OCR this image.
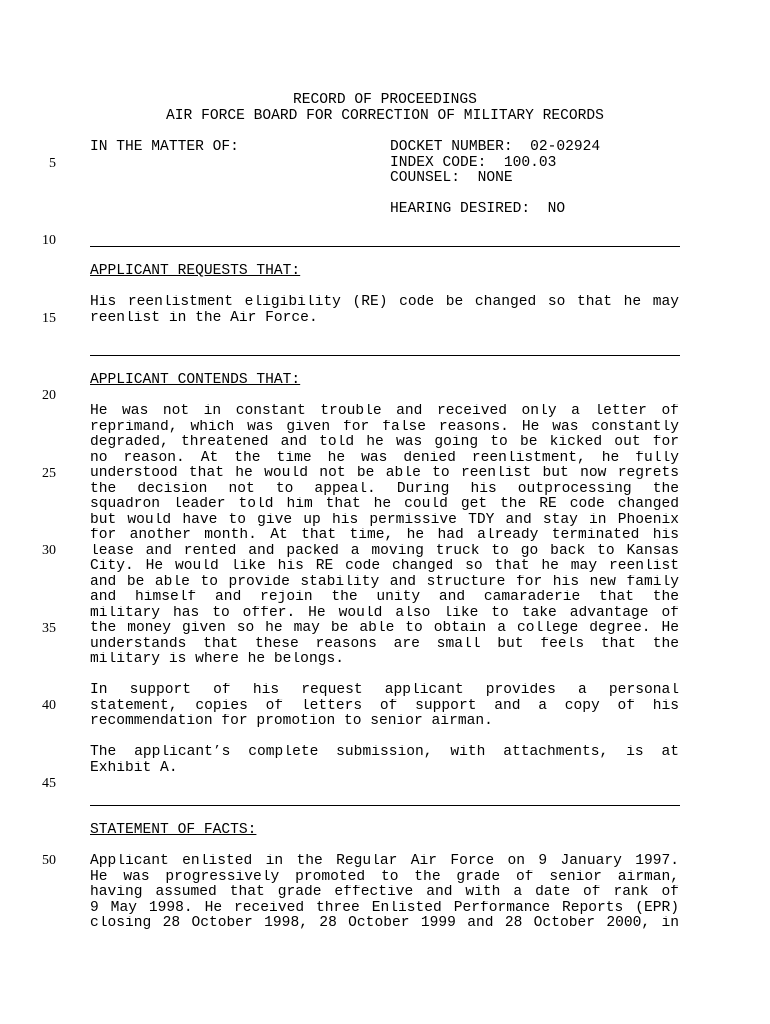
RECORD OF PROCEEDINGS
AIR FORCE BOARD FOR CORRECTION OF MILITARY RECORDS
IN THE MATTER OF:	DOCKET NUMBER:  02-02924
INDEX CODE:  100.03
COUNSEL:  NONE
HEARING DESIRED:  NO
5
10
15
20
25
30
35
40
45
50
APPLICANT REQUESTS THAT:
His reenlistment eligibility (RE) code be changed so that he may
reenlist in the Air Force.
APPLICANT CONTENDS THAT:
He was not in constant trouble and received only a letter of
reprimand, which was given for false reasons. He was constantly
degraded, threatened and told he was going to be kicked out for
no reason. At the time he was denied reenlistment, he fully
understood that he would not be able to reenlist but now regrets
the decision not to appeal. During his outprocessing the
squadron leader told him that he could get the RE code changed
but would have to give up his permissive TDY and stay in Phoenix
for another month. At that time, he had already terminated his
lease and rented and packed a moving truck to go back to Kansas
City. He would like his RE code changed so that he may reenlist
and be able to provide stability and structure for his new family
and himself and rejoin the unity and camaraderie that the
military has to offer. He would also like to take advantage of
the money given so he may be able to obtain a college degree. He
understands that these reasons are small but feels that the
military is where he belongs.
In support of his request applicant provides a personal
statement, copies of letters of support and a copy of his
recommendation for promotion to senior airman.
The applicant’s complete submission, with attachments, is at
Exhibit A.
STATEMENT OF FACTS:
Applicant enlisted in the Regular Air Force on 9 January 1997.
He was progressively promoted to the grade of senior airman,
having assumed that grade effective and with a date of rank of
9 May 1998. He received three Enlisted Performance Reports (EPR)
closing 28 October 1998, 28 October 1999 and 28 October 2000, in
